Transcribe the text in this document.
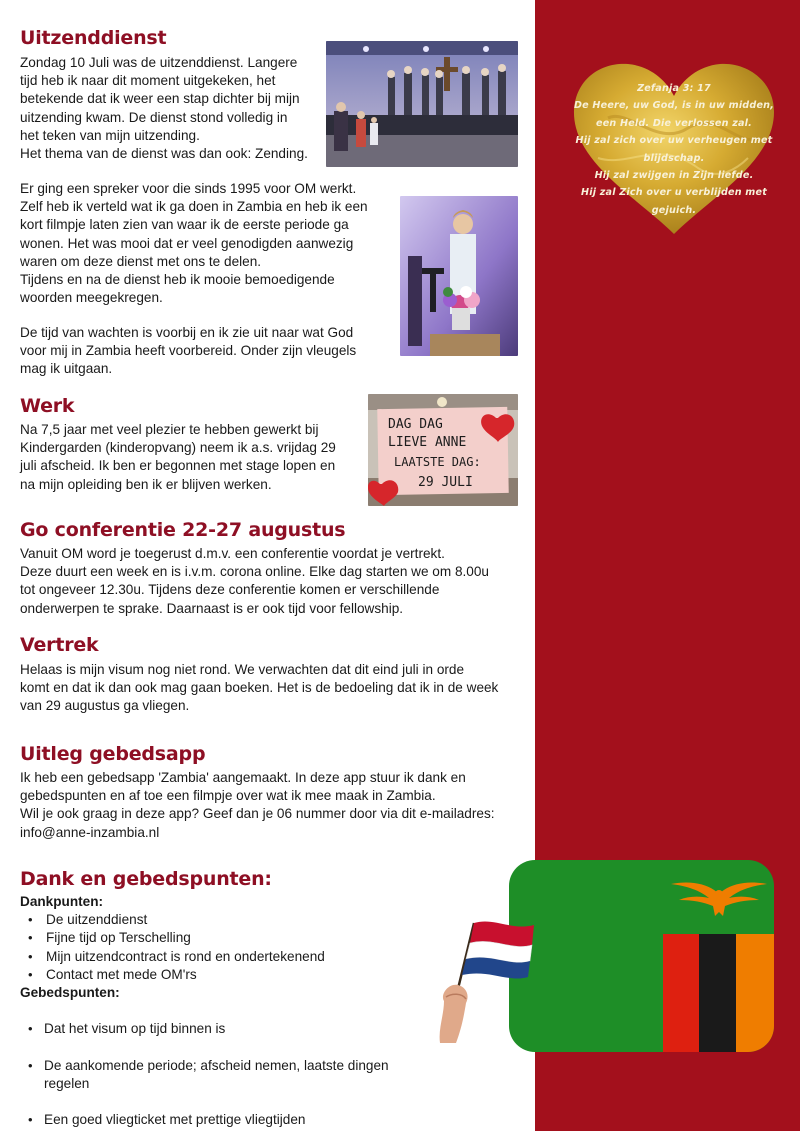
Zefanja 3: 17
De Heere, uw God, is in uw midden,
een Held. Die verlossen zal.
Hij zal zich over uw verheugen met
blijdschap.
Hij zal zwijgen in Zijn liefde.
Hij zal Zich over u verblijden met
gejuich.
Uitzenddienst

Zondag 10 Juli was de uitzenddienst. Langere
tijd heb ik naar dit moment uitgekeken, het
betekende dat ik weer een stap dichter bij mijn
uitzending kwam. De dienst stond volledig in
het teken van mijn uitzending.
Het thema van de dienst was dan ook: Zending.

Er ging een spreker voor die sinds 1995 voor OM werkt.
Zelf heb ik verteld wat ik ga doen in Zambia en heb ik een
kort filmpje laten zien van waar ik de eerste periode ga
wonen. Het was mooi dat er veel genodigden aanwezig
waren om deze dienst met ons te delen.
Tijdens en na de dienst heb ik mooie bemoedigende
woorden meegekregen.

De tijd van wachten is voorbij en ik zie uit naar wat God
voor mij in Zambia heeft voorbereid. Onder zijn vleugels
mag ik uitgaan.

Werk

Na 7,5 jaar met veel plezier te hebben gewerkt bij
Kindergarden (kinderopvang) neem ik a.s. vrijdag 29
juli afscheid. Ik ben er begonnen met stage lopen en
na mijn opleiding ben ik er blijven werken.

DAG DAG
LIEVE ANNE
LAATSTE DAG:
29 JULI
Go conferentie 22-27 augustus

Vanuit OM word je toegerust d.m.v. een conferentie voordat je vertrekt.
Deze duurt een week en is i.v.m. corona online. Elke dag starten we om 8.00u
tot ongeveer 12.30u. Tijdens deze conferentie komen er verschillende
onderwerpen te sprake. Daarnaast is er ook tijd voor fellowship.

Vertrek

Helaas is mijn visum nog niet rond. We verwachten dat dit eind juli in orde
komt en dat ik dan ook mag gaan boeken. Het is de bedoeling dat ik in de week
van 29 augustus ga vliegen.

Uitleg gebedsapp

Ik heb een gebedsapp 'Zambia' aangemaakt. In deze app stuur ik dank en
gebedspunten en af toe een filmpje over wat ik mee maak in Zambia.
Wil je ook graag in deze app? Geef dan je 06 nummer door via dit e-mailadres:
info@anne-inzambia.nl

Dank en gebedspunten:
Dankpunten:
• De uitzenddienst
• Fijne tijd op Terschelling
• Mijn uitzendcontract is rond en ondertekenend
• Contact met mede OM'rs
Gebedspunten:

• Dat het visum op tijd binnen is

• De aankomende periode; afscheid nemen, laatste dingen
regelen

• Een goed vliegticket met prettige vliegtijden
